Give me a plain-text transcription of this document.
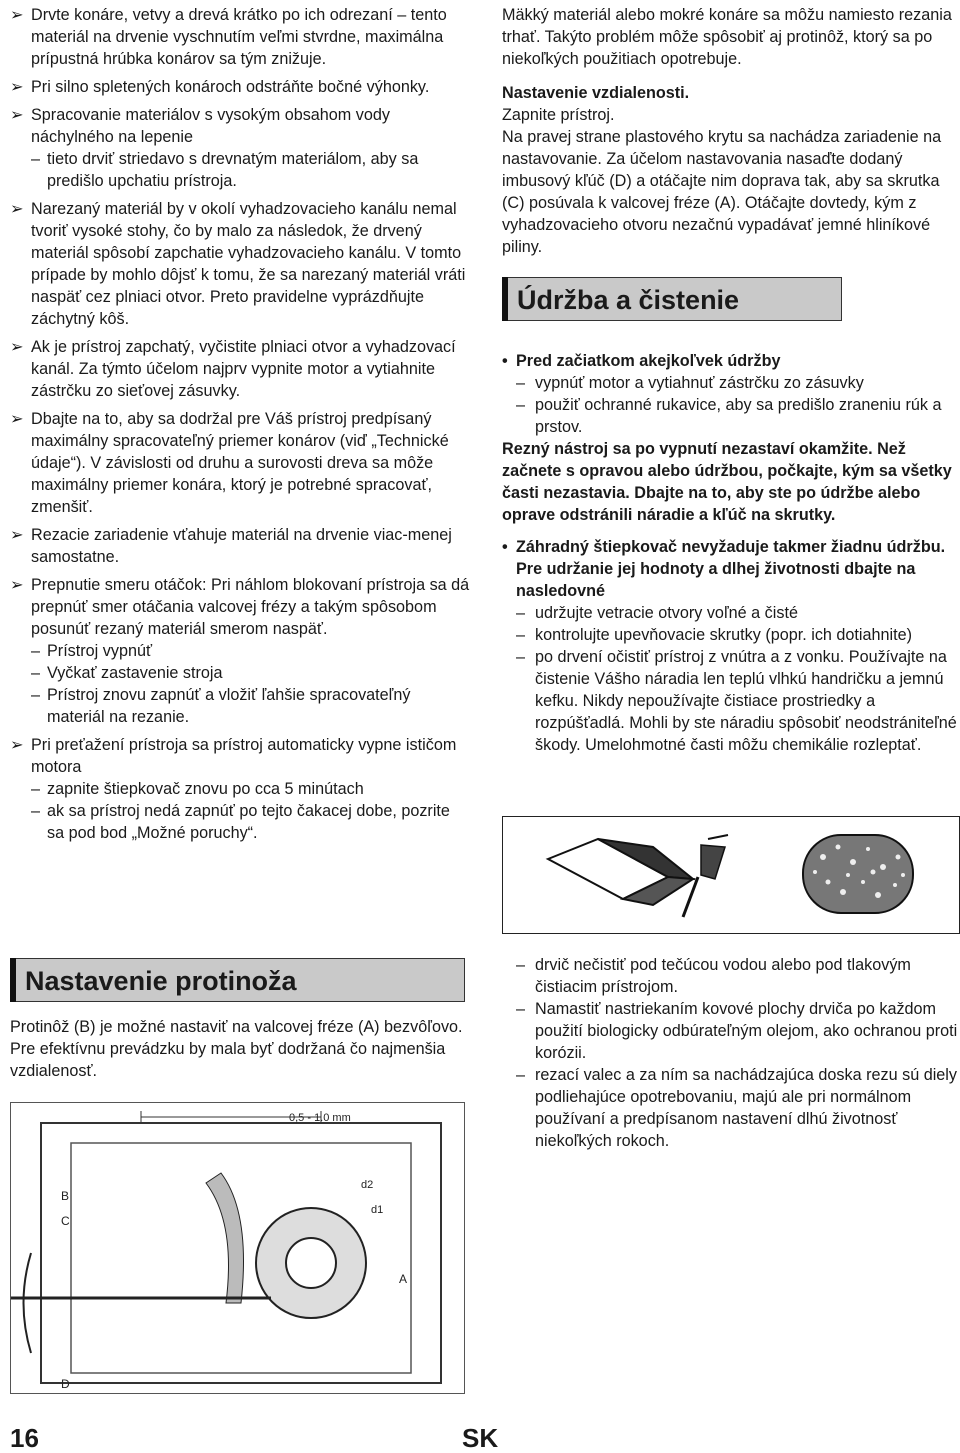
➢ Drvte konáre, vetvy a drevá krátko po ich odrezaní – tento materiál na drvenie vyschnutím veľmi stvrdne, maximálna prípustná hrúbka konárov sa tým znižuje.

➢ Pri silno spletených konároch odstráňte bočné výhonky.

➢ Spracovanie materiálov s vysokým obsahom vody náchylného na lepenie

– tieto drviť striedavo s drevnatým materiálom, aby sa predišlo upchatiu prístroja.
➢ Narezaný materiál by v okolí vyhadzovacieho kanálu nemal tvoriť vysoké stohy, čo by malo za následok, že drvený materiál spôsobí zapchatie vyhadzovacieho kanálu. V tomto prípade by mohlo dôjsť k tomu, že sa narezaný materiál vráti naspäť cez plniaci otvor. Preto pravidelne vyprázdňujte záchytný kôš.

➢ Ak je prístroj zapchatý, vyčistite plniaci otvor a vyhadzovací kanál. Za týmto účelom najprv vypnite motor a vytiahnite zástrčku zo sieťovej zásuvky.

➢ Dbajte na to, aby sa dodržal pre Váš prístroj predpísaný maximálny spracovateľný priemer konárov (viď „Technické údaje“). V závislosti od druhu a surovosti dreva sa môže maximálny priemer konára, ktorý je potrebné spracovať, zmenšiť.

➢ Rezacie zariadenie vťahuje materiál na drvenie viac-menej samostatne.

➢ Prepnutie smeru otáčok: Pri náhlom blokovaní prístroja sa dá prepnúť smer otáčania valcovej frézy a takým spôsobom posunúť rezaný materiál smerom naspäť.

– Prístroj vypnúť
– Vyčkať zastavenie stroja
– Prístroj znovu zapnúť a vložiť ľahšie spracovateľný materiál na rezanie.
➢ Pri preťažení prístroja sa prístroj automaticky vypne ističom motora

– zapnite štiepkovač znovu po cca 5 minútach
– ak sa prístroj nedá zapnúť po tejto čakacej dobe, pozrite sa pod bod „Možné poruchy“.

Mäkký materiál alebo mokré konáre sa môžu namiesto rezania trhať. Takýto problém môže spôsobiť aj protinôž, ktorý sa po niekoľkých použitiach opotrebuje.

Nastavenie vzdialenosti.

Zapnite prístroj.

Na pravej strane plastového krytu sa nachádza zariadenie na nastavovanie. Za účelom nastavovania nasaďte dodaný imbusový kľúč (D) a otáčajte nim doprava tak, aby sa skrutka (C) posúvala k valcovej fréze (A). Otáčajte dovtedy, kým z vyhadzovacieho otvoru nezačnú vypadávať jemné hliníkové piliny.

• Pred začiatkom akejkoľvek údržby

– vypnúť motor a vytiahnuť zástrčku zo zásuvky
– použiť ochranné rukavice, aby sa predišlo zraneniu rúk a prstov.

Rezný nástroj sa po vypnutí nezastaví okamžite. Než začnete s opravou alebo údržbou, počkajte, kým sa všetky časti nezastavia. Dbajte na to, aby ste po údržbe alebo oprave odstránili náradie a kľúč na skrutky.

• Záhradný štiepkovač nevyžaduje takmer žiadnu údržbu. Pre udržanie jej hodnoty a dlhej životnosti dbajte na nasledovné

– udržujte vetracie otvory voľné a čisté
– kontrolujte upevňovacie skrutky (popr. ich dotiahnite)
– po drvení očistiť prístroj z vnútra a z vonku. Používajte na čistenie Vášho náradia len teplú vlhkú handričku a jemnú kefku. Nikdy nepoužívajte čistiace prostriedky a rozpúšťadlá. Mohli by ste náradiu spôsobiť neodstrániteľné škody. Umelohmotné časti môžu chemikálie rozleptať.
Údržba a čistenie
Nastavenie protinoža

Protinôž (B) je možné nastaviť na valcovej fréze (A) bezvôľovo. Pre efektívnu prevádzku by mala byť dodržaná čo najmenšia vzdialenosť.

0,5 - 1.0 mm
B
C
D
A
d2
d1
– drvič nečistiť pod tečúcou vodou alebo pod tlakovým čistiacim prístrojom.
– Namastiť nastriekaním kovové plochy drviča po každom použití biologicky odbúrateľným olejom, ako ochranou proti korózii.
– rezací valec a za ním sa nachádzajúca doska rezu sú diely podliehajúce opotrebovaniu, majú ale pri normálnom používaní a predpísanom nastavení dlhú životnosť niekoľkých rokoch.
16	SK
